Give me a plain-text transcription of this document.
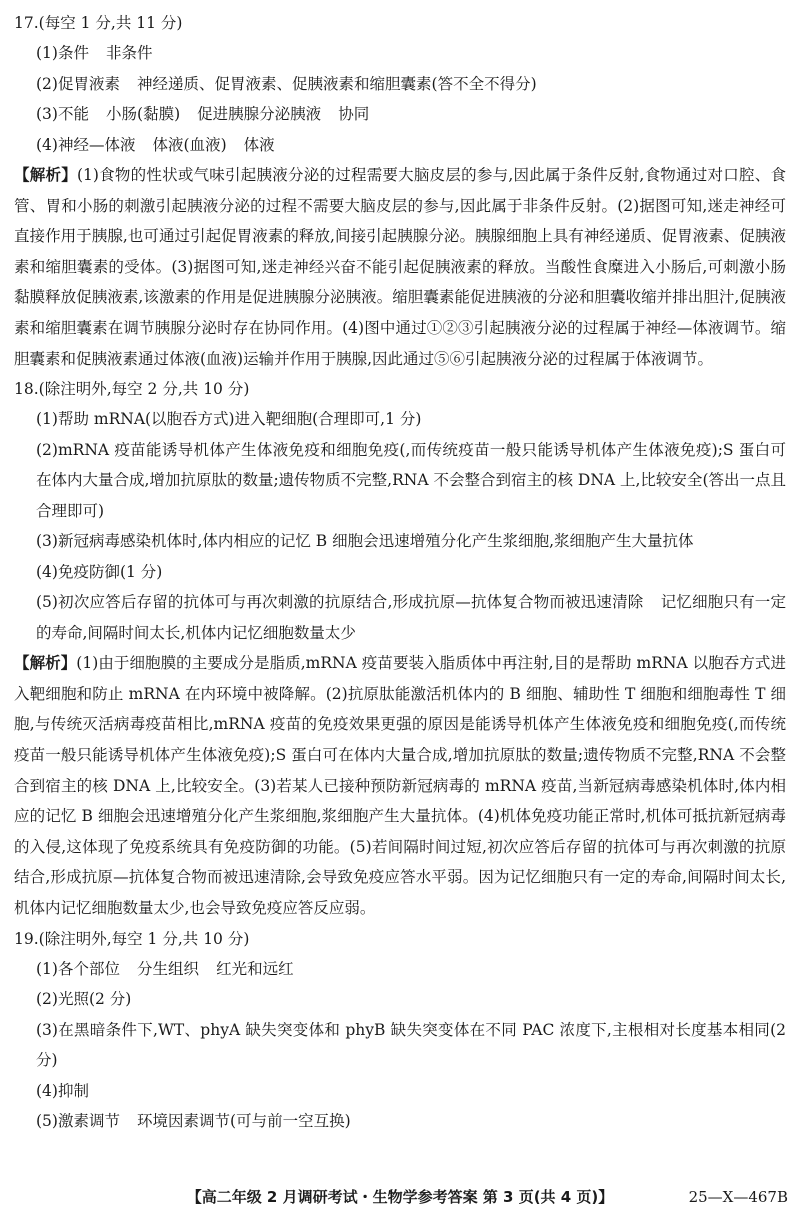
17.(每空 1 分,共 11 分)
(1)条件 非条件
(2)促胃液素 神经递质、促胃液素、促胰液素和缩胆囊素(答不全不得分)
(3)不能 小肠(黏膜) 促进胰腺分泌胰液 协同
(4)神经—体液 体液(血液) 体液
【解析】(1)食物的性状或气味引起胰液分泌的过程需要大脑皮层的参与,因此属于条件反射,食物通过对口腔、食管、胃和小肠的刺激引起胰液分泌的过程不需要大脑皮层的参与,因此属于非条件反射。(2)据图可知,迷走神经可直接作用于胰腺,也可通过引起促胃液素的释放,间接引起胰腺分泌。胰腺细胞上具有神经递质、促胃液素、促胰液素和缩胆囊素的受体。(3)据图可知,迷走神经兴奋不能引起促胰液素的释放。当酸性食糜进入小肠后,可刺激小肠黏膜释放促胰液素,该激素的作用是促进胰腺分泌胰液。缩胆囊素能促进胰液的分泌和胆囊收缩并排出胆汁,促胰液素和缩胆囊素在调节胰腺分泌时存在协同作用。(4)图中通过①②③引起胰液分泌的过程属于神经—体液调节。缩胆囊素和促胰液素通过体液(血液)运输并作用于胰腺,因此通过⑤⑥引起胰液分泌的过程属于体液调节。
18.(除注明外,每空 2 分,共 10 分)
(1)帮助 mRNA(以胞吞方式)进入靶细胞(合理即可,1 分)
(2)mRNA 疫苗能诱导机体产生体液免疫和细胞免疫(,而传统疫苗一般只能诱导机体产生体液免疫);S 蛋白可在体内大量合成,增加抗原肽的数量;遗传物质不完整,RNA 不会整合到宿主的核 DNA 上,比较安全(答出一点且合理即可)
(3)新冠病毒感染机体时,体内相应的记忆 B 细胞会迅速增殖分化产生浆细胞,浆细胞产生大量抗体
(4)免疫防御(1 分)
(5)初次应答后存留的抗体可与再次刺激的抗原结合,形成抗原—抗体复合物而被迅速清除 记忆细胞只有一定的寿命,间隔时间太长,机体内记忆细胞数量太少
【解析】(1)由于细胞膜的主要成分是脂质,mRNA 疫苗要装入脂质体中再注射,目的是帮助 mRNA 以胞吞方式进入靶细胞和防止 mRNA 在内环境中被降解。(2)抗原肽能激活机体内的 B 细胞、辅助性 T 细胞和细胞毒性 T 细胞,与传统灭活病毒疫苗相比,mRNA 疫苗的免疫效果更强的原因是能诱导机体产生体液免疫和细胞免疫(,而传统疫苗一般只能诱导机体产生体液免疫);S 蛋白可在体内大量合成,增加抗原肽的数量;遗传物质不完整,RNA 不会整合到宿主的核 DNA 上,比较安全。(3)若某人已接种预防新冠病毒的 mRNA 疫苗,当新冠病毒感染机体时,体内相应的记忆 B 细胞会迅速增殖分化产生浆细胞,浆细胞产生大量抗体。(4)机体免疫功能正常时,机体可抵抗新冠病毒的入侵,这体现了免疫系统具有免疫防御的功能。(5)若间隔时间过短,初次应答后存留的抗体可与再次刺激的抗原结合,形成抗原—抗体复合物而被迅速清除,会导致免疫应答水平弱。因为记忆细胞只有一定的寿命,间隔时间太长,机体内记忆细胞数量太少,也会导致免疫应答反应弱。
19.(除注明外,每空 1 分,共 10 分)
(1)各个部位 分生组织 红光和远红
(2)光照(2 分)
(3)在黑暗条件下,WT、phyA 缺失突变体和 phyB 缺失突变体在不同 PAC 浓度下,主根相对长度基本相同(2 分)
(4)抑制
(5)激素调节 环境因素调节(可与前一空互换)
【高二年级 2 月调研考试・生物学参考答案 第 3 页(共 4 页)】	25—X—467B
